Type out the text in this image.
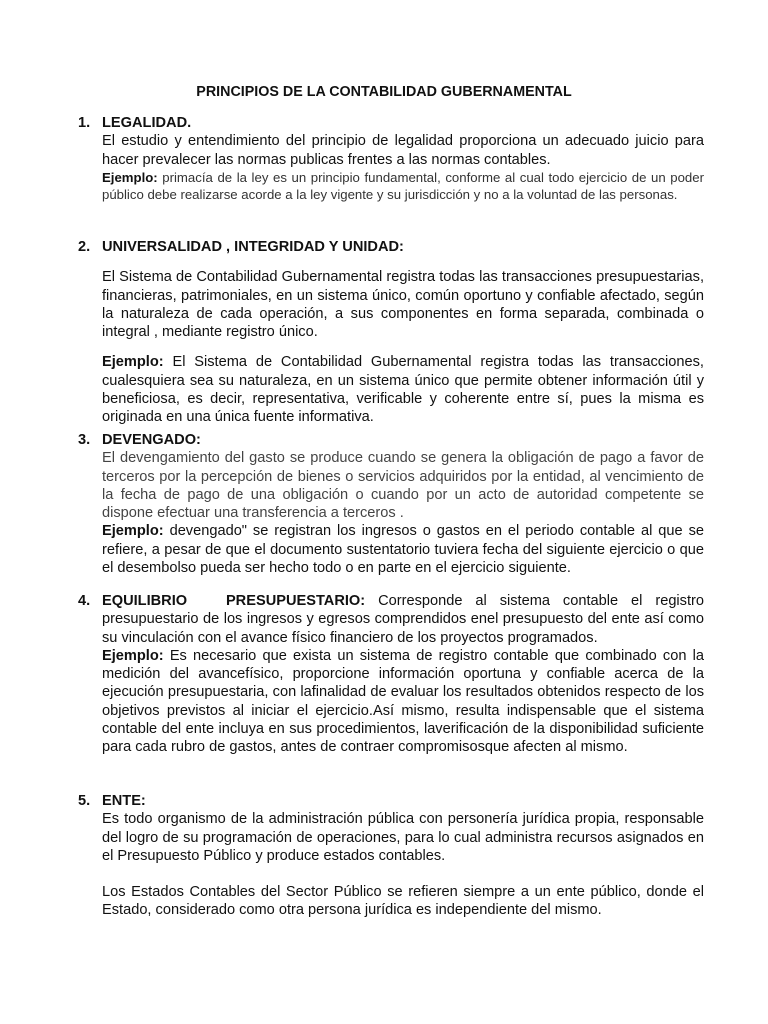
PRINCIPIOS DE LA CONTABILIDAD GUBERNAMENTAL
1. LEGALIDAD.
El estudio y entendimiento del principio de legalidad proporciona un adecuado juicio para hacer prevalecer las normas publicas frentes a las normas contables.
Ejemplo: primacía de la ley es un principio fundamental, conforme al cual todo ejercicio de un poder público debe realizarse acorde a la ley vigente y su jurisdicción y no a la voluntad de las personas.
2. UNIVERSALIDAD , INTEGRIDAD Y UNIDAD:
El Sistema de Contabilidad Gubernamental registra todas las transacciones presupuestarias, financieras, patrimoniales, en un sistema único, común oportuno y confiable afectado, según la naturaleza de cada operación, a sus componentes en forma separada, combinada o integral , mediante registro único.
Ejemplo: El Sistema de Contabilidad Gubernamental registra todas las transacciones, cualesquiera sea su naturaleza, en un sistema único que permite obtener información útil y beneficiosa, es decir, representativa, verificable y coherente entre sí, pues la misma es originada en una única fuente informativa.
3. DEVENGADO:
El devengamiento del gasto se produce cuando se genera la obligación de pago a favor de terceros por la percepción de bienes o servicios adquiridos por la entidad, al vencimiento de la fecha de pago de una obligación o cuando por un acto de autoridad competente se dispone efectuar una transferencia a terceros .
Ejemplo: devengado" se registran los ingresos o gastos en el periodo contable al que se refiere, a pesar de que el documento sustentatorio tuviera fecha del siguiente ejercicio o que el desembolso pueda ser hecho todo o en parte en el ejercicio siguiente.
4. EQUILIBRIO   PRESUPUESTARIO: Corresponde al sistema contable el registro presupuestario de los ingresos y egresos comprendidos enel presupuesto del ente así como su vinculación con el avance físico financiero de los proyectos programados.
Ejemplo: Es necesario que exista un sistema de registro contable que combinado con la medición del avancefísico, proporcione información oportuna y confiable acerca de la ejecución presupuestaria, con lafinalidad de evaluar los resultados obtenidos respecto de los objetivos previstos al iniciar el ejercicio.Así mismo, resulta indispensable que el sistema contable del ente incluya en sus procedimientos, laverificación de la disponibilidad suficiente para cada rubro de gastos, antes de contraer compromisosque afecten al mismo.
5. ENTE:
Es todo organismo de la administración pública con personería jurídica propia, responsable del logro de su programación de operaciones, para lo cual administra recursos asignados en el Presupuesto Público y produce estados contables.
Los Estados Contables del Sector Público se refieren siempre a un ente público, donde el Estado, considerado como otra persona jurídica es independiente del mismo.
